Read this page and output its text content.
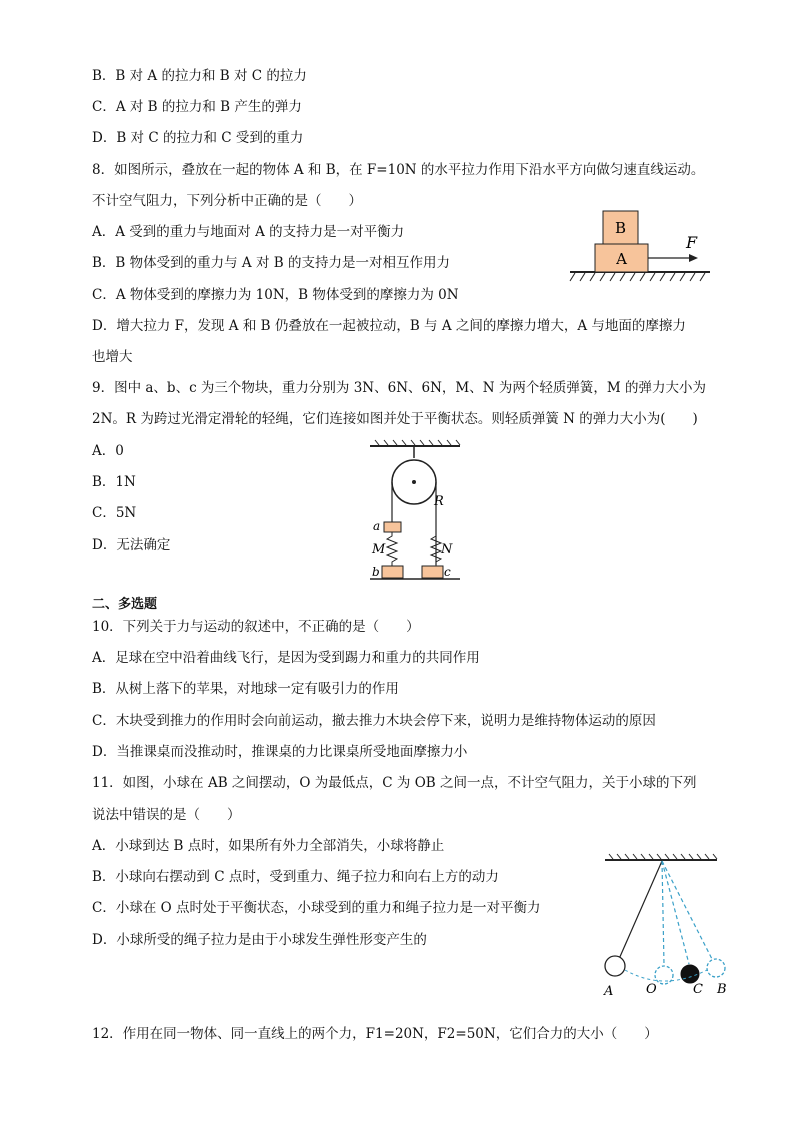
B．B 对 A 的拉力和 B 对 C 的拉力
C．A 对 B 的拉力和 B 产生的弹力
D．B 对 C 的拉力和 C 受到的重力
8．如图所示，叠放在一起的物体 A 和 B，在 F=10N 的水平拉力作用下沿水平方向做匀速直线运动。
不计空气阻力，下列分析中正确的是（　　）
A．A 受到的重力与地面对 A 的支持力是一对平衡力
B．B 物体受到的重力与 A 对 B 的支持力是一对相互作用力
C．A 物体受到的摩擦力为 10N，B 物体受到的摩擦力为 0N
D．增大拉力 F，发现 A 和 B 仍叠放在一起被拉动，B 与 A 之间的摩擦力增大，A 与地面的摩擦力
也增大
B
A
F
9．图中 a、b、c 为三个物块，重力分别为 3N、6N、6N，M、N 为两个轻质弹簧，M 的弹力大小为
2N。R 为跨过光滑定滑轮的轻绳，它们连接如图并处于平衡状态。则轻质弹簧 N 的弹力大小为(　　)
A．0
B．1N
C．5N
D．无法确定
R
a
M	N
b	c
二、多选题
10．下列关于力与运动的叙述中，不正确的是（　　）
A．足球在空中沿着曲线飞行，是因为受到踢力和重力的共同作用
B．从树上落下的苹果，对地球一定有吸引力的作用
C．木块受到推力的作用时会向前运动，撤去推力木块会停下来，说明力是维持物体运动的原因
D．当推课桌而没推动时，推课桌的力比课桌所受地面摩擦力小
11．如图，小球在 AB 之间摆动，O 为最低点，C 为 OB 之间一点，不计空气阻力，关于小球的下列
说法中错误的是（　　）
A．小球到达 B 点时，如果所有外力全部消失，小球将静止
B．小球向右摆动到 C 点时，受到重力、绳子拉力和向右上方的动力
C．小球在 O 点时处于平衡状态，小球受到的重力和绳子拉力是一对平衡力
D．小球所受的绳子拉力是由于小球发生弹性形变产生的
A	O	C B
12．作用在同一物体、同一直线上的两个力，F1=20N，F2=50N，它们合力的大小（　　）
